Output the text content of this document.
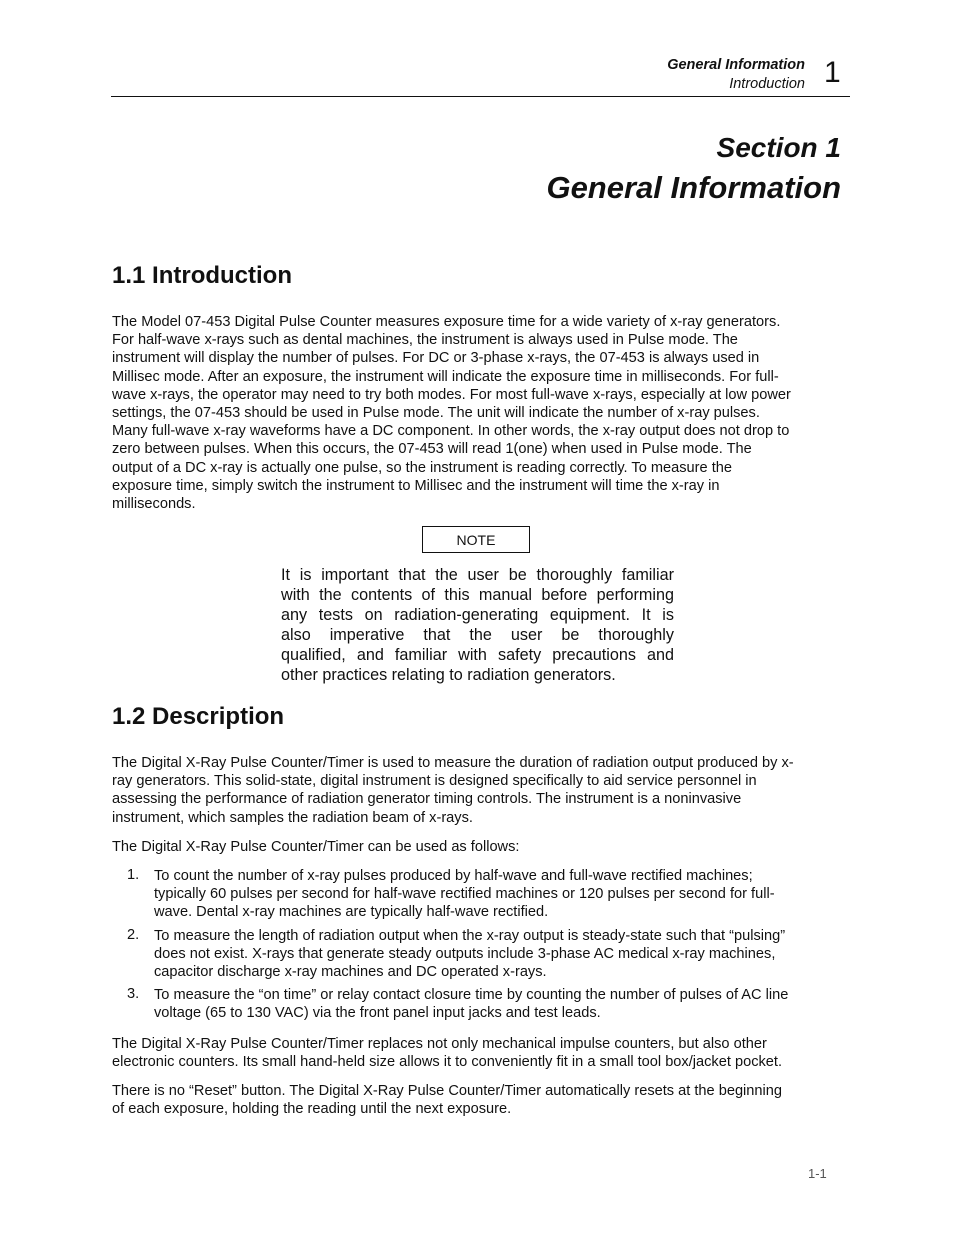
General Information
Introduction 1
Section 1
General Information
1.1 Introduction
The Model 07-453 Digital Pulse Counter measures exposure time for a wide variety of x-ray generators.
For half-wave x-rays such as dental machines, the instrument is always used in Pulse mode. The
instrument will display the number of pulses. For DC or 3-phase x-rays, the 07-453 is always used in
Millisec mode. After an exposure, the instrument will indicate the exposure time in milliseconds. For full-
wave x-rays, the operator may need to try both modes. For most full-wave x-rays, especially at low power
settings, the 07-453 should be used in Pulse mode. The unit will indicate the number of x-ray pulses.
Many full-wave x-ray waveforms have a DC component. In other words, the x-ray output does not drop to
zero between pulses. When this occurs, the 07-453 will read 1(one) when used in Pulse mode. The
output of a DC x-ray is actually one pulse, so the instrument is reading correctly. To measure the
exposure time, simply switch the instrument to Millisec and the instrument will time the x-ray in
milliseconds.
NOTE
It is important that the user be thoroughly familiar
with the contents of this manual before performing
any tests on radiation-generating equipment. It is
also imperative that the user be thoroughly
qualified, and familiar with safety precautions and
other practices relating to radiation generators.
1.2 Description
The Digital X-Ray Pulse Counter/Timer is used to measure the duration of radiation output produced by x-
ray generators. This solid-state, digital instrument is designed specifically to aid service personnel in
assessing the performance of radiation generator timing controls. The instrument is a noninvasive
instrument, which samples the radiation beam of x-rays.
The Digital X-Ray Pulse Counter/Timer can be used as follows:
1. To count the number of x-ray pulses produced by half-wave and full-wave rectified machines;
typically 60 pulses per second for half-wave rectified machines or 120 pulses per second for full-
wave. Dental x-ray machines are typically half-wave rectified.
2. To measure the length of radiation output when the x-ray output is steady-state such that “pulsing”
does not exist. X-rays that generate steady outputs include 3-phase AC medical x-ray machines,
capacitor discharge x-ray machines and DC operated x-rays.
3. To measure the “on time” or relay contact closure time by counting the number of pulses of AC line
voltage (65 to 130 VAC) via the front panel input jacks and test leads.
The Digital X-Ray Pulse Counter/Timer replaces not only mechanical impulse counters, but also other
electronic counters. Its small hand-held size allows it to conveniently fit in a small tool box/jacket pocket.
There is no “Reset” button. The Digital X-Ray Pulse Counter/Timer automatically resets at the beginning
of each exposure, holding the reading until the next exposure.
1-1
